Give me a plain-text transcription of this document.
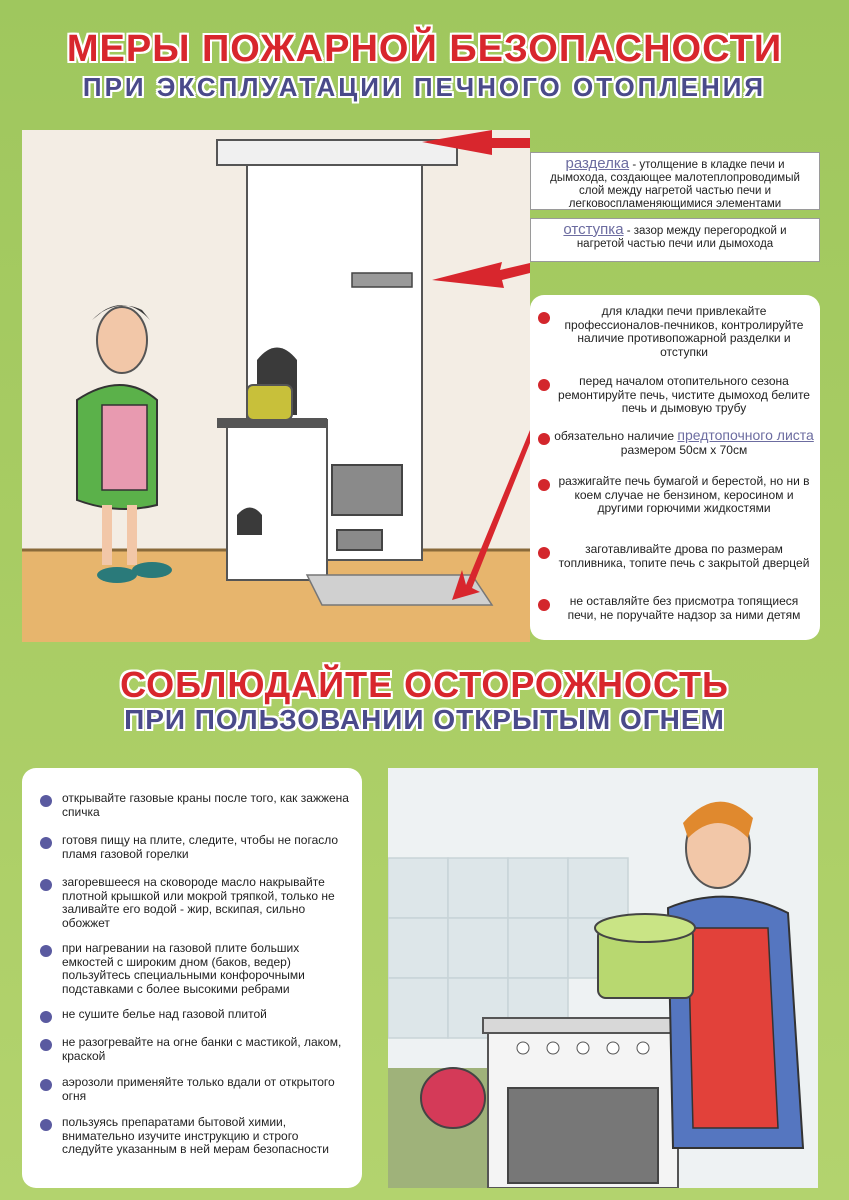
МЕРЫ ПОЖАРНОЙ БЕЗОПАСНОСТИ
ПРИ ЭКСПЛУАТАЦИИ ПЕЧНОГО ОТОПЛЕНИЯ
разделка - утолщение в кладке печи и дымохода, создающее малотеплопроводимый слой между нагретой частью печи и легковоспламеняющимися элементами
отступка - зазор между перегородкой и нагретой частью печи или дымохода
для кладки печи привлекайте профессионалов-печников, контролируйте наличие противопожарной разделки и отступки
перед началом отопительного сезона ремонтируйте печь, чистите дымоход белите печь и дымовую трубу
обязательно наличие предтопочного листа размером 50см х 70см
разжигайте печь бумагой и берестой, но ни в коем случае не бензином, керосином и другими горючими жидкостями
заготавливайте дрова по размерам топливника, топите печь с закрытой дверцей
не оставляйте без присмотра топящиеся печи, не поручайте надзор за ними детям
СОБЛЮДАЙТЕ ОСТОРОЖНОСТЬ
ПРИ ПОЛЬЗОВАНИИ ОТКРЫТЫМ ОГНЕМ
открывайте газовые краны после того, как зажжена спичка
готовя пищу на плите, следите, чтобы не погасло пламя газовой горелки
загоревшееся на сковороде масло накрывайте плотной крышкой или мокрой тряпкой, только не заливайте его водой - жир, вскипая, сильно обожжет
при нагревании на газовой плите больших емкостей с широким дном (баков, ведер) пользуйтесь специальными конфорочными подставками с более высокими ребрами
не сушите белье над газовой плитой
не разогревайте на огне банки с мастикой, лаком, краской
аэрозоли применяйте только вдали от открытого огня
пользуясь препаратами бытовой химии, внимательно изучите инструкцию и строго следуйте указанным в ней мерам безопасности
